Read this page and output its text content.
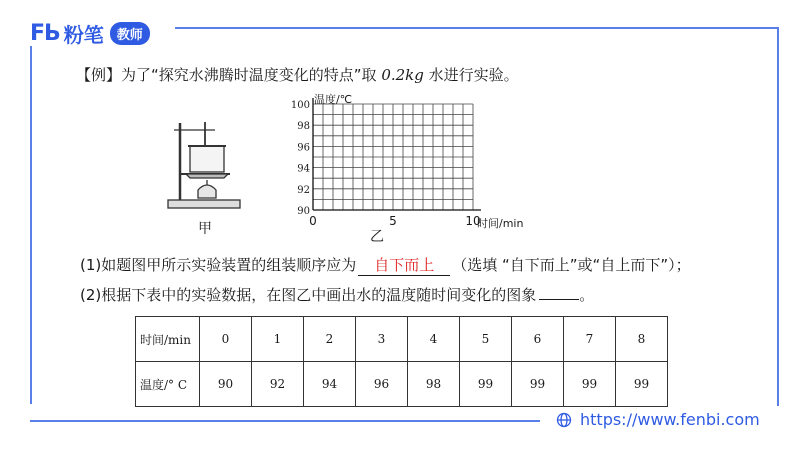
FЬ 粉笔	教师
【例】为了“探究水沸腾时温度变化的特点”取 0.2kg 水进行实验。
甲
90
92
94
96
98
100
0	5	10
温度/℃
时间/min
乙
(1)如题图甲所示实验装置的组装顺序应为 自下而上 （选填 “自下而上”或“自上而下”）；
(2)根据下表中的实验数据，在图乙中画出水的温度随时间变化的图象	。
时间/min	0	1	2	3	4	5	6	7	8
温度/° C	90	92	94	96	98	99	99	99	99
https://www.fenbi.com
